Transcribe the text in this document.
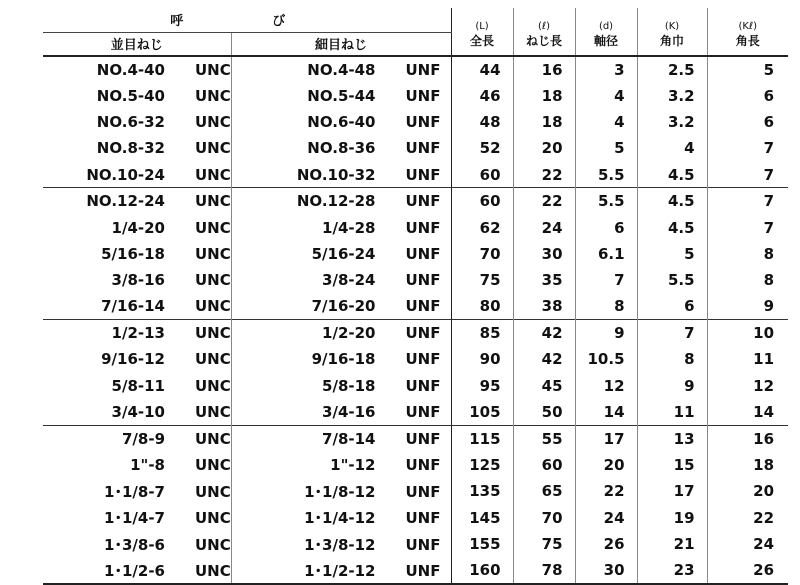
呼　び		(L)	(ℓ)	(d)	(K)	(Kℓ)
並目ねじ	細目ねじ	全長	ねじ長	軸径	角巾	角長
NO.4-40 UNC	NO.4-48 UNF	44	16	3	2.5	5
NO.5-40 UNC	NO.5-44 UNF	46	18	4	3.2	6
NO.6-32 UNC	NO.6-40 UNF	48	18	4	3.2	6
NO.8-32 UNC	NO.8-36 UNF	52	20	5	4	7
NO.10-24 UNC	NO.10-32 UNF	60	22	5.5	4.5	7
NO.12-24 UNC	NO.12-28 UNF	60	22	5.5	4.5	7
1/4-20 UNC	1/4-28 UNF	62	24	6	4.5	7
5/16-18 UNC	5/16-24 UNF	70	30	6.1	5	8
3/8-16 UNC	3/8-24 UNF	75	35	7	5.5	8
7/16-14 UNC	7/16-20 UNF	80	38	8	6	9
1/2-13 UNC	1/2-20 UNF	85	42	9	7	10
9/16-12 UNC	9/16-18 UNF	90	42	10.5	8	11
5/8-11 UNC	5/8-18 UNF	95	45	12	9	12
3/4-10 UNC	3/4-16 UNF	105	50	14	11	14
7/8-9 UNC	7/8-14 UNF	115	55	17	13	16
1"-8 UNC	1"-12 UNF	125	60	20	15	18
1･1/8-7 UNC	1･1/8-12 UNF	135	65	22	17	20
1･1/4-7 UNC	1･1/4-12 UNF	145	70	24	19	22
1･3/8-6 UNC	1･3/8-12 UNF	155	75	26	21	24
1･1/2-6 UNC	1･1/2-12 UNF	160	78	30	23	26
